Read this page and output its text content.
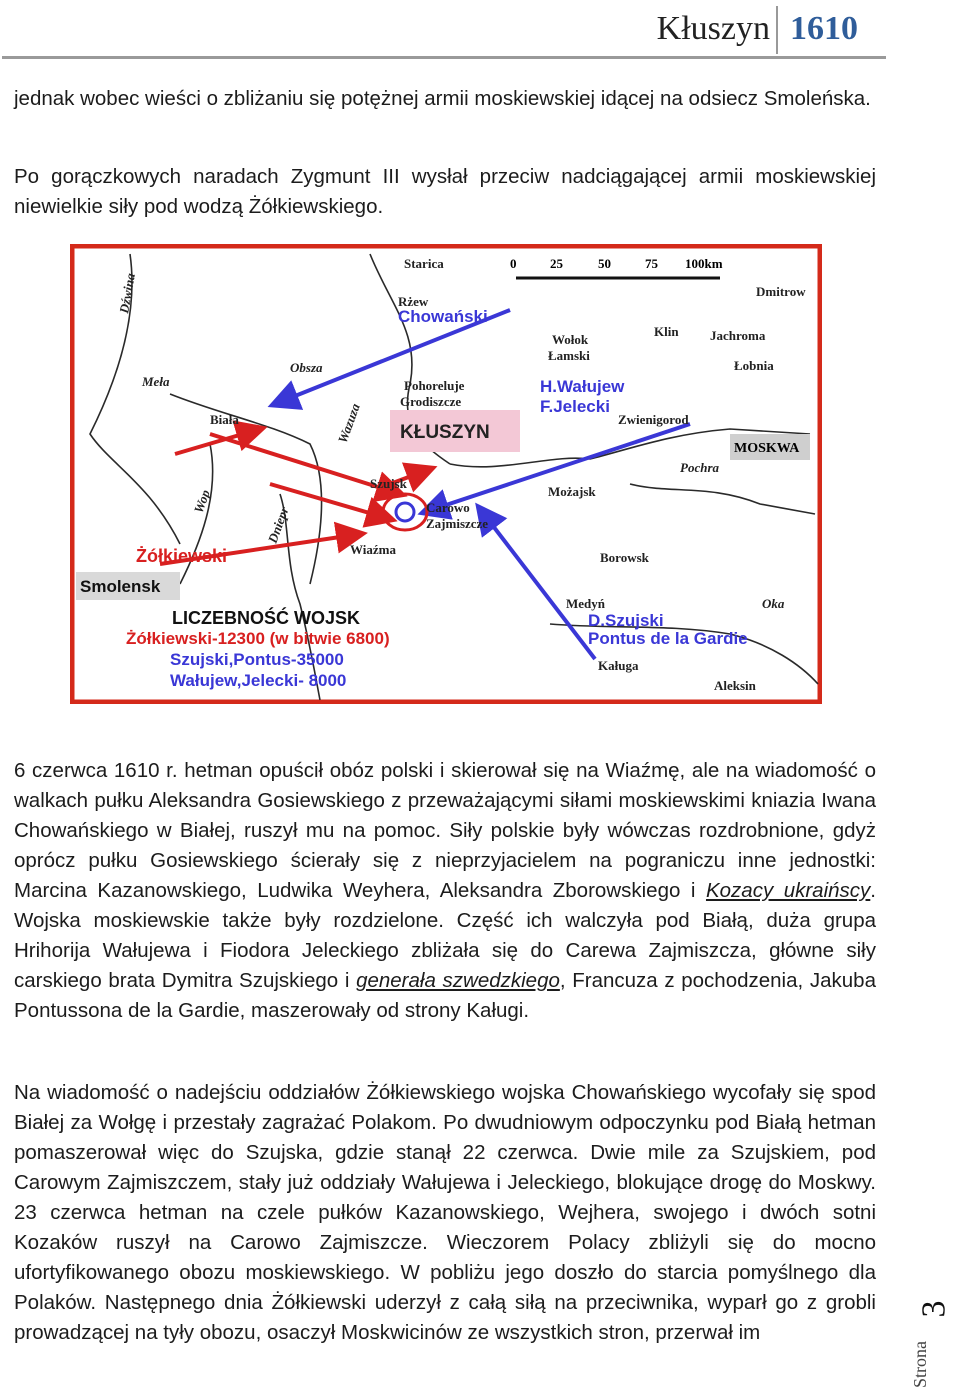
Kłuszyn 1610

jednak wobec wieści o zbliżaniu się potężnej armii moskiewskiej idącej na odsiecz Smoleńska.

Po gorączkowych naradach Zygmunt III wysłał przeciw nadciągającej armii moskiewskiej niewielkie siły pod wodzą Żółkiewskiego.

0	25	50	75 100km
Starica
Rżew
Dmitrow
Wołok
Łamski
Klin Jachroma
Łobnia
Pohoreluje
Grodiszcze
Zwienigorod
Pochra
Szujsk
Carowo
Zajmiszcze
Możajsk
Wiaźma
Borowsk
Medyń	Oka
Kaługa
Aleksin
Biała
Meła
Obsza
Wazuza
Wop
Dniepr
Dźwina
MOSKWA
Smolensk
Chowański
H.Wałujew
F.Jelecki
KŁUSZYN
Żółkiewski
D.Szujski
Pontus de la Gardie
LICZEBNOŚĆ WOJSK
Żółkiewski-12300 (w bitwie 6800)
Szujski,Pontus-35000
Wałujew,Jelecki- 8000

6 czerwca 1610 r. hetman opuścił obóz polski i skierował się na Wiaźmę, ale na wiadomość o walkach pułku Aleksandra Gosiewskiego z przeważającymi siłami moskiewskimi kniazia Iwana Chowańskiego w Białej, ruszył mu na pomoc. Siły polskie były wówczas rozdrobnione, gdyż oprócz pułku Gosiewskiego ścierały się z nieprzyjacielem na pograniczu inne jednostki: Marcina Kazanowskiego, Ludwika Weyhera, Aleksandra Zborowskiego i Kozacy ukraińscy. Wojska moskiewskie także były rozdzielone. Część ich walczyła pod Białą, duża grupa Hrihorija Wałujewa i Fiodora Jeleckiego zbliżała się do Carewa Zajmiszcza, główne siły carskiego brata Dymitra Szujskiego i generała szwedzkiego, Francuza z pochodzenia, Jakuba Pontussona de la Gardie, maszerowały od strony Kaługi.

Na wiadomość o nadejściu oddziałów Żółkiewskiego wojska Chowańskiego wycofały się spod Białej za Wołgę i przestały zagrażać Polakom. Po dwudniowym odpoczynku pod Białą hetman pomaszerował więc do Szujska, gdzie stanął 22 czerwca. Dwie mile za Szujskiem, pod Carowym Zajmiszczem, stały już oddziały Wałujewa i Jeleckiego, blokujące drogę do Moskwy. 23 czerwca hetman na czele pułków Kazanowskiego, Wejhera, swojego i dwóch sotni Kozaków ruszył na Carowo Zajmiszcze. Wieczorem Polacy zbliżyli się do mocno ufortyfikowanego obozu moskiewskiego. W pobliżu jego doszło do starcia pomyślnego dla Polaków. Następnego dnia Żółkiewski uderzył z całą siłą na przeciwnika, wyparł go z grobli prowadzącej na tyły obozu, osaczył Moskwicinów ze wszystkich stron, przerwał im

Strona
3
